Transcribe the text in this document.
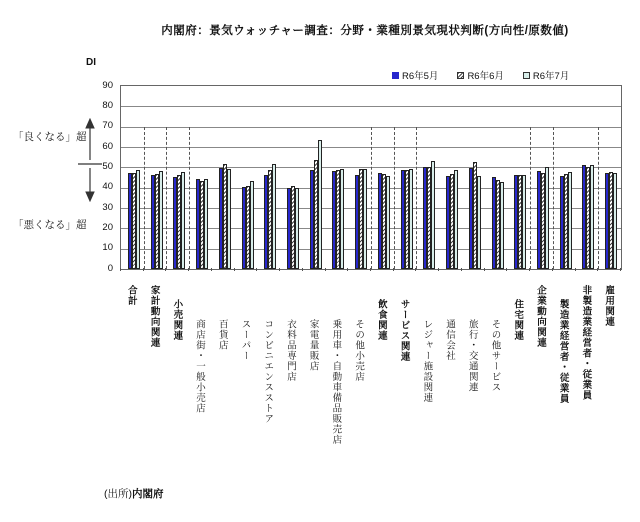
内閣府：景気ウォッチャー調査：分野・業種別景気現状判断(方向性/原数値)
DI
R6年5月	R6年6月	R6年7月
90
80
70
60
50
40
30
20
10
0
合計 家計動向関連 小売関連 商店街・一般小売店 百貨店 スーパー コンビニエンスストア 衣料品専門店 家電量販店 乗用車・自動車備品販売店 その他小売店 飲食関連 サービス関連 レジャー施設関連 通信会社 旅行・交通関連 その他サービス 住宅関連 企業動向関連 製造業経営者・従業員 非製造業経営者・従業員 雇用関連
「良くなる」超
「悪くなる」超
(出所)内閣府
